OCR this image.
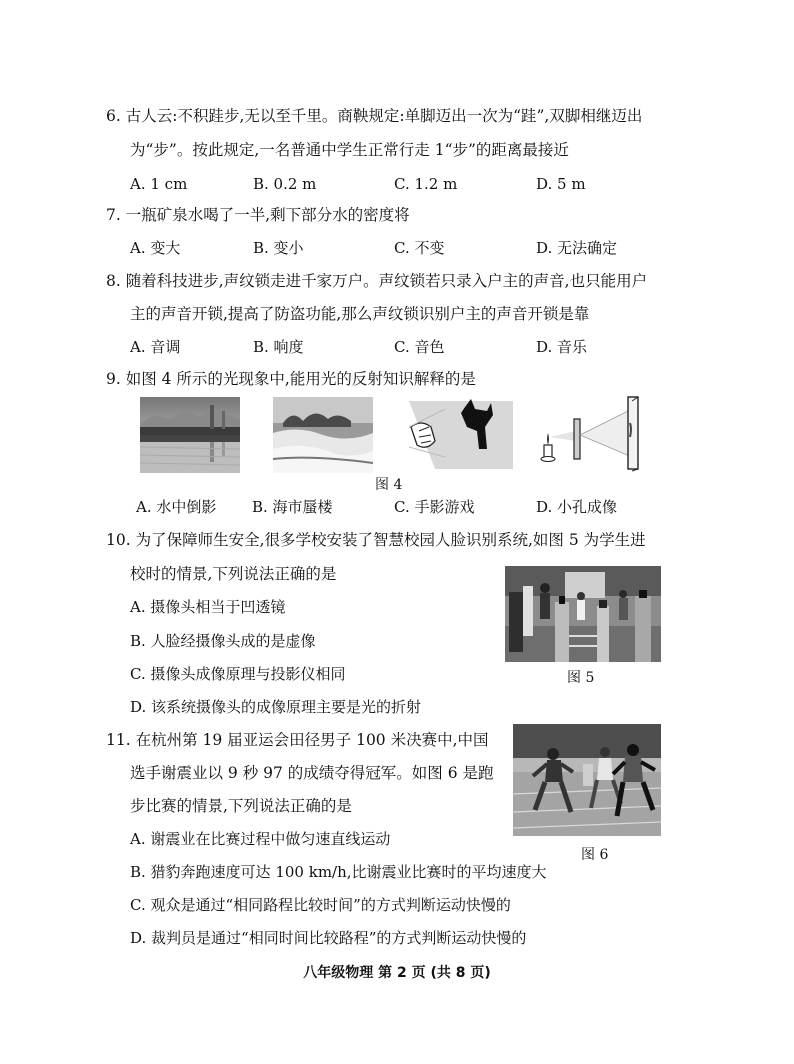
6. 古人云:不积跬步,无以至千里。商鞅规定:单脚迈出一次为“跬”,双脚相继迈出
为“步”。按此规定,一名普通中学生正常行走 1“步”的距离最接近
A. 1 cm	B. 0.2 m	C. 1.2 m	D. 5 m
7. 一瓶矿泉水喝了一半,剩下部分水的密度将
A. 变大	B. 变小	C. 不变	D. 无法确定
8. 随着科技进步,声纹锁走进千家万户。声纹锁若只录入户主的声音,也只能用户
主的声音开锁,提高了防盗功能,那么声纹锁识别户主的声音开锁是靠
A. 音调	B. 响度	C. 音色	D. 音乐
9. 如图 4 所示的光现象中,能用光的反射知识解释的是
图 4
A. 水中倒影 B. 海市蜃楼	C. 手影游戏	D. 小孔成像
10. 为了保障师生安全,很多学校安装了智慧校园人脸识别系统,如图 5 为学生进
校时的情景,下列说法正确的是
A. 摄像头相当于凹透镜
B. 人脸经摄像头成的是虚像
C. 摄像头成像原理与投影仪相同
D. 该系统摄像头的成像原理主要是光的折射
图 5
11. 在杭州第 19 届亚运会田径男子 100 米决赛中,中国
选手谢震业以 9 秒 97 的成绩夺得冠军。如图 6 是跑
步比赛的情景,下列说法正确的是
A. 谢震业在比赛过程中做匀速直线运动
B. 猎豹奔跑速度可达 100 km/h,比谢震业比赛时的平均速度大
C. 观众是通过“相同路程比较时间”的方式判断运动快慢的
D. 裁判员是通过“相同时间比较路程”的方式判断运动快慢的
图 6
八年级物理 第 2 页 (共 8 页)
